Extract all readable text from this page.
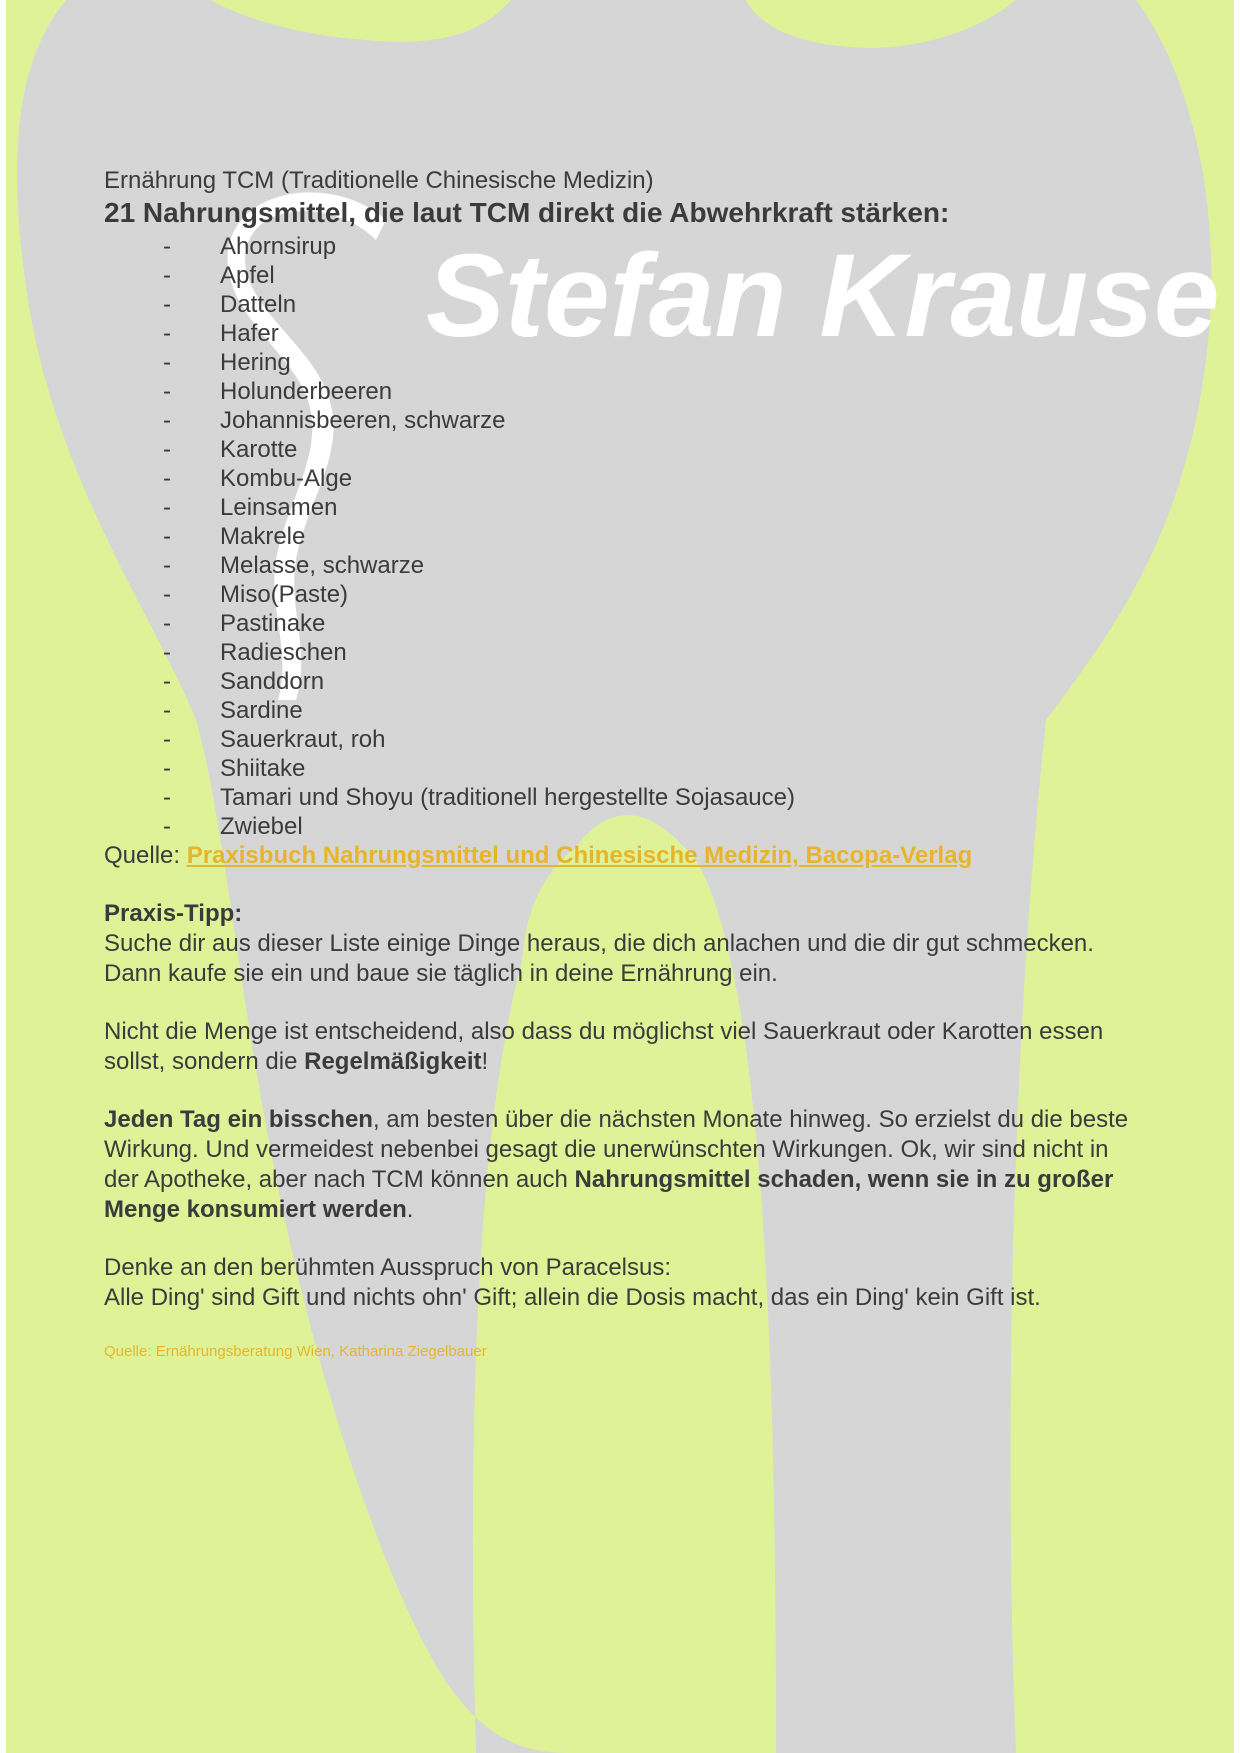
Stefan Krause

Ernährung TCM (Traditionelle Chinesische Medizin)

21 Nahrungsmittel, die laut TCM direkt die Abwehrkraft stärken:
- Ahornsirup
- Apfel
- Datteln
- Hafer
- Hering
- Holunderbeeren
- Johannisbeeren, schwarze
- Karotte
- Kombu-Alge
- Leinsamen
- Makrele
- Melasse, schwarze
- Miso(Paste)
- Pastinake
- Radieschen
- Sanddorn
- Sardine
- Sauerkraut, roh
- Shiitake
- Tamari und Shoyu (traditionell hergestellte Sojasauce)
- Zwiebel

Quelle: Praxisbuch Nahrungsmittel und Chinesische Medizin, Bacopa-Verlag

Praxis-Tipp:

Suche dir aus dieser Liste einige Dinge heraus, die dich anlachen und die dir gut schmecken. Dann kaufe sie ein und baue sie täglich in deine Ernährung ein.

Nicht die Menge ist entscheidend, also dass du möglichst viel Sauerkraut oder Karotten essen sollst, sondern die Regelmäßigkeit!

Jeden Tag ein bisschen, am besten über die nächsten Monate hinweg. So erzielst du die beste Wirkung. Und vermeidest nebenbei gesagt die unerwünschten Wirkungen. Ok, wir sind nicht in der Apotheke, aber nach TCM können auch Nahrungsmittel schaden, wenn sie in zu großer Menge konsumiert werden.

Denke an den berühmten Ausspruch von Paracelsus:
Alle Ding' sind Gift und nichts ohn' Gift; allein die Dosis macht, das ein Ding' kein Gift ist.

Quelle: Ernährungsberatung Wien, Katharina Ziegelbauer
